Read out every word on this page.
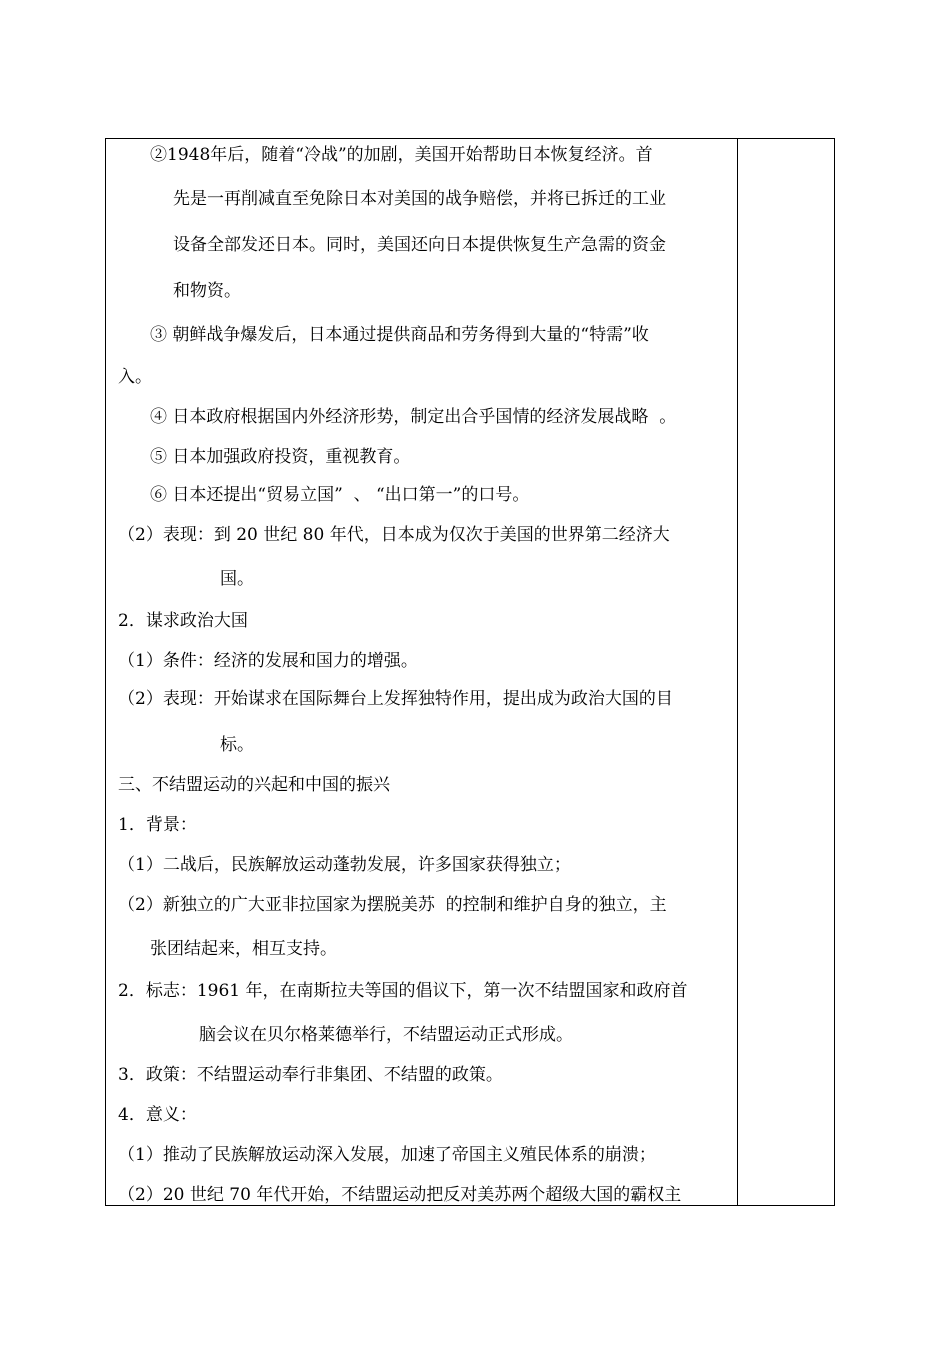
②1948年后，随着“冷战”的加剧，美国开始帮助日本恢复经济。首
先是一再削减直至免除日本对美国的战争赔偿，并将已拆迁的工业
设备全部发还日本。同时，美国还向日本提供恢复生产急需的资金
和物资。
③ 朝鲜战争爆发后，日本通过提供商品和劳务得到大量的“特需”收
入。
④ 日本政府根据国内外经济形势，制定出合乎国情的经济发展战略  。
⑤ 日本加强政府投资，重视教育。
⑥ 日本还提出“贸易立国”  、 “出口第一”的口号。
（2）表现：到 20 世纪 80 年代，日本成为仅次于美国的世界第二经济大
国。
2．谋求政治大国
（1）条件：经济的发展和国力的增强。
（2）表现：开始谋求在国际舞台上发挥独特作用，提出成为政治大国的目
标。
三、不结盟运动的兴起和中国的振兴
1．背景：
（1）二战后，民族解放运动蓬勃发展，许多国家获得独立；
（2）新独立的广大亚非拉国家为摆脱美苏  的控制和维护自身的独立，主
张团结起来，相互支持。
2．标志：1961 年，在南斯拉夫等国的倡议下，第一次不结盟国家和政府首
脑会议在贝尔格莱德举行，不结盟运动正式形成。
3．政策：不结盟运动奉行非集团、不结盟的政策。
4．意义：
（1）推动了民族解放运动深入发展，加速了帝国主义殖民体系的崩溃；
（2）20 世纪 70 年代开始，不结盟运动把反对美苏两个超级大国的霸权主
